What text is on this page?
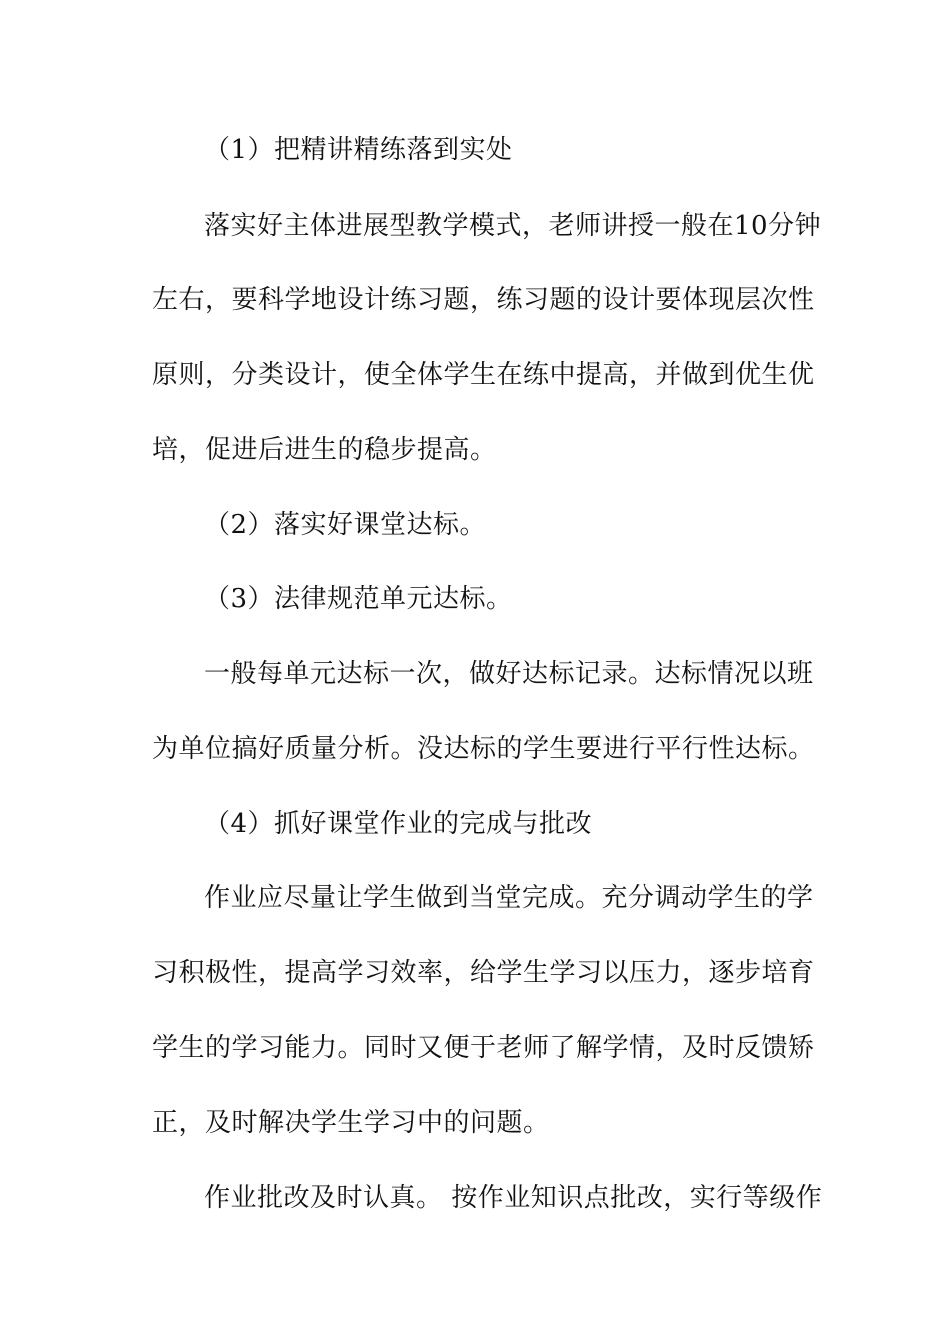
（1）把精讲精练落到实处
落实好主体进展型教学模式，老师讲授一般在10分钟
左右，要科学地设计练习题，练习题的设计要体现层次性
原则，分类设计，使全体学生在练中提高，并做到优生优
培，促进后进生的稳步提高。
（2）落实好课堂达标。
（3）法律规范单元达标。
一般每单元达标一次，做好达标记录。达标情况以班
为单位搞好质量分析。没达标的学生要进行平行性达标。
（4）抓好课堂作业的完成与批改
作业应尽量让学生做到当堂完成。充分调动学生的学
习积极性，提高学习效率，给学生学习以压力，逐步培育
学生的学习能力。同时又便于老师了解学情，及时反馈矫
正，及时解决学生学习中的问题。
作业批改及时认真。 按作业知识点批改，实行等级作
